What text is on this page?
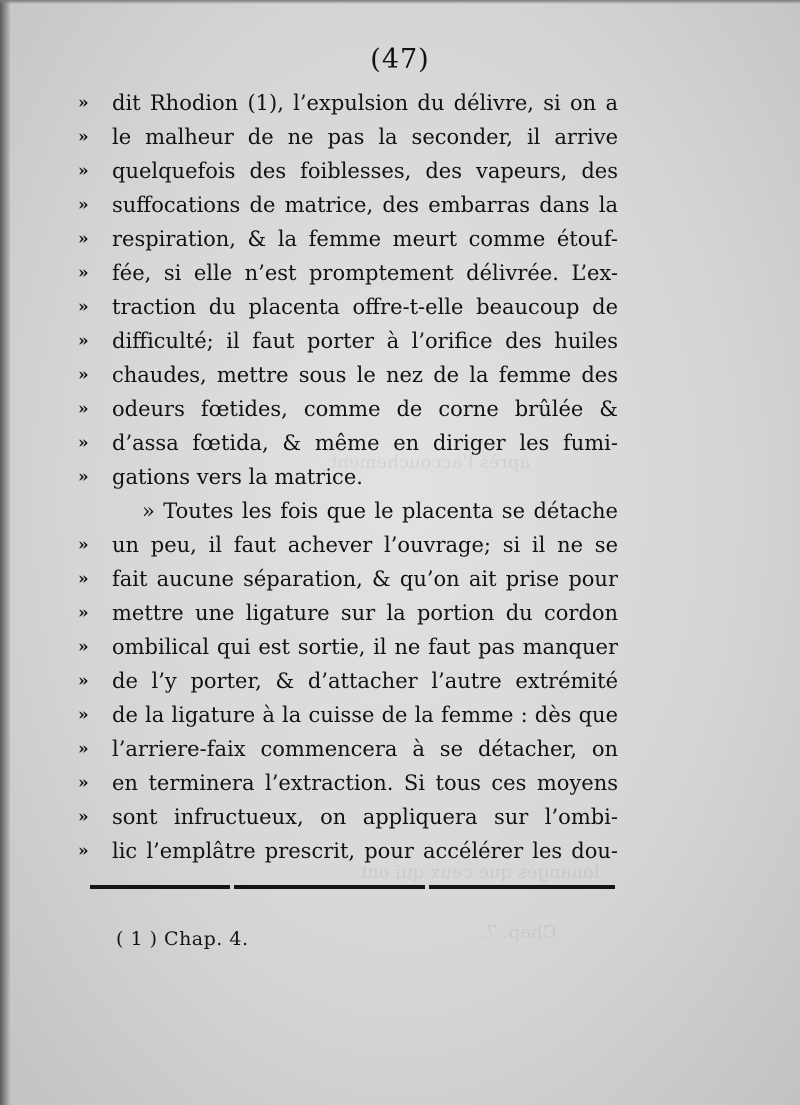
après l’accouchement
louangés que ceux qui ont
Chap. 7.
(47)
»	dit Rhodion (1), l’expulsion du délivre, si on a
»	le malheur de ne pas la seconder, il arrive
»	quelquefois des foiblesses, des vapeurs, des
»	suffocations de matrice, des embarras dans la
»	respiration, & la femme meurt comme étouf-
»	fée, si elle n’est promptement délivrée. L’ex-
»	traction du placenta offre-t-elle beaucoup de
»	difficulté; il faut porter à l’orifice des huiles
»	chaudes, mettre sous le nez de la femme des
»	odeurs fœtides, comme de corne brûlée &
»	d’assa fœtida, & même en diriger les fumi-
»	gations vers la matrice.
» Toutes les fois que le placenta se détache
»	un peu, il faut achever l’ouvrage; si il ne se
»	fait aucune séparation, & qu’on ait prise pour
»	mettre une ligature sur la portion du cordon
»	ombilical qui est sortie, il ne faut pas manquer
»	de l’y porter, & d’attacher l’autre extrémité
»	de la ligature à la cuisse de la femme : dès que
»	l’arriere-faix commencera à se détacher, on
»	en terminera l’extraction. Si tous ces moyens
»	sont infructueux, on appliquera sur l’ombi-
»	lic l’emplâtre prescrit, pour accélérer les dou-
( 1 ) Chap. 4.
